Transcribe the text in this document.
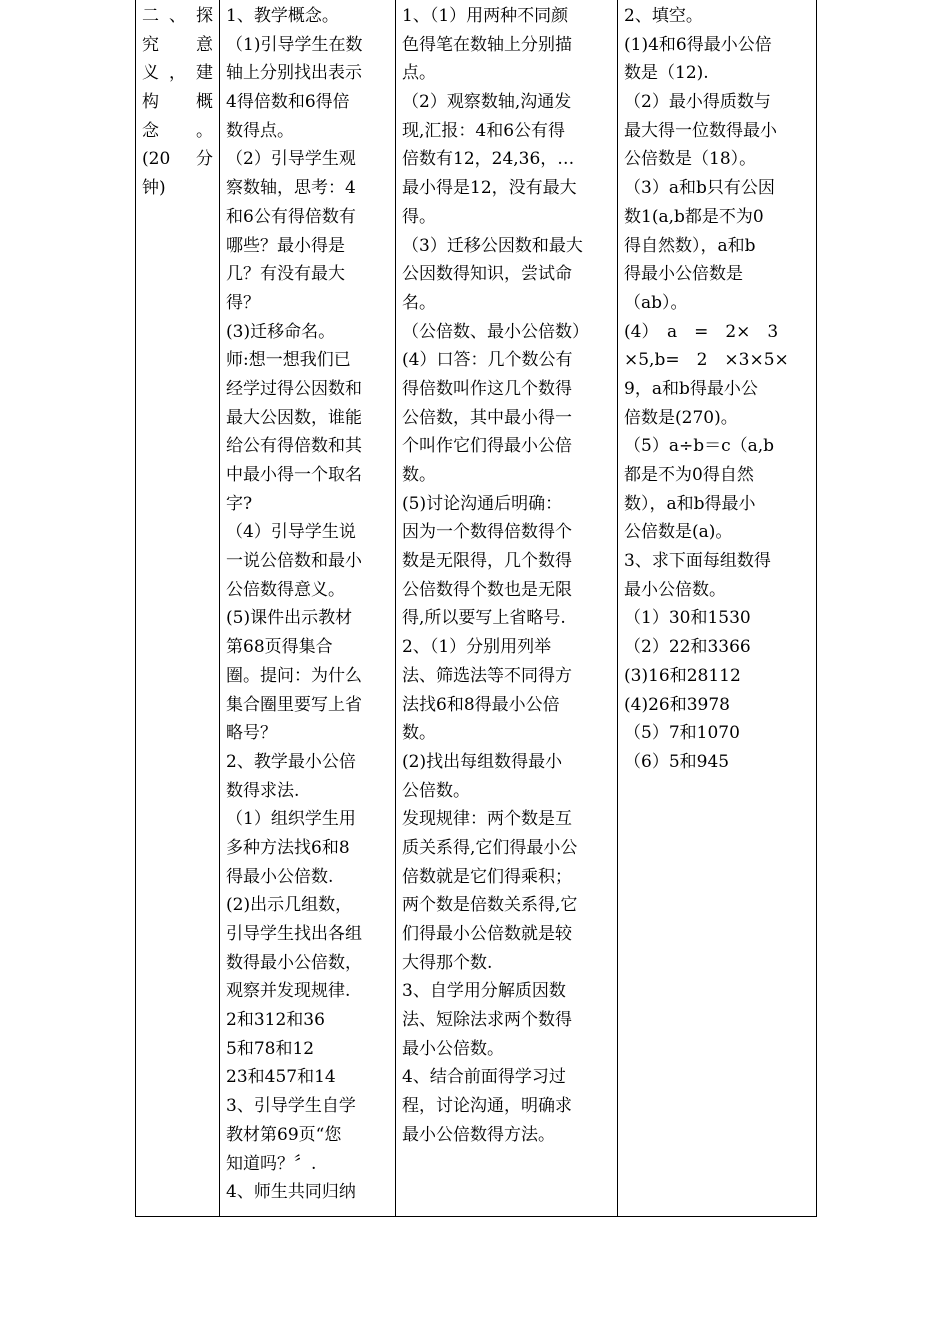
二、探
究　意
义，建
构　概
念　。
(20　分
钟)

1、教学概念。
（1)引导学生在数
轴上分别找出表示
4得倍数和6得倍
数得点。
（2）引导学生观
察数轴，思考：4
和6公有得倍数有
哪些？最小得是
几？有没有最大
得？
(3)迁移命名。
师:想一想我们已
经学过得公因数和
最大公因数，谁能
给公有得倍数和其
中最小得一个取名
字?
（4）引导学生说
一说公倍数和最小
公倍数得意义。
(5)课件出示教材
第68页得集合
圈。提问：为什么
集合圈里要写上省
略号？
2、教学最小公倍
数得求法.
（1）组织学生用
多种方法找6和8
得最小公倍数.
(2)出示几组数，
引导学生找出各组
数得最小公倍数，
观察并发现规律.
2和312和36
5和78和12
23和457和14
3、引导学生自学
教材第69页“您
知道吗？〞.
4、师生共同归纳

1、（1）用两种不同颜
色得笔在数轴上分别描
点。
（2）观察数轴,沟通发
现,汇报：4和6公有得
倍数有12，24,36，…
最小得是12，没有最大
得。
（3）迁移公因数和最大
公因数得知识，尝试命
名。
（公倍数、最小公倍数）
(4）口答：几个数公有
得倍数叫作这几个数得
公倍数，其中最小得一
个叫作它们得最小公倍
数。
(5)讨论沟通后明确：
因为一个数得倍数得个
数是无限得，几个数得
公倍数得个数也是无限
得,所以要写上省略号.
2、（1）分别用列举
法、筛选法等不同得方
法找6和8得最小公倍
数。
(2)找出每组数得最小
公倍数。
发现规律：两个数是互
质关系得,它们得最小公
倍数就是它们得乘积；
两个数是倍数关系得,它
们得最小公倍数就是较
大得那个数.
3、自学用分解质因数
法、短除法求两个数得
最小公倍数。
4、结合前面得学习过
程，讨论沟通，明确求
最小公倍数得方法。

2、填空。
(1)4和6得最小公倍
数是（12).
（2）最小得质数与
最大得一位数得最小
公倍数是（18）。
（3）a和b只有公因
数1(a,b都是不为0
得自然数），a和b
得最小公倍数是
（ab）。
(4）　a　=　2×　3
×5,b=　2　×3×5×
9，a和b得最小公
倍数是(270)。
（5）a÷b＝c（a,b
都是不为0得自然
数），a和b得最小
公倍数是(a)。
3、求下面每组数得
最小公倍数。
（1）30和1530
（2）22和3366
(3)16和28112
(4)26和3978
（5）7和1070
（6）5和945
